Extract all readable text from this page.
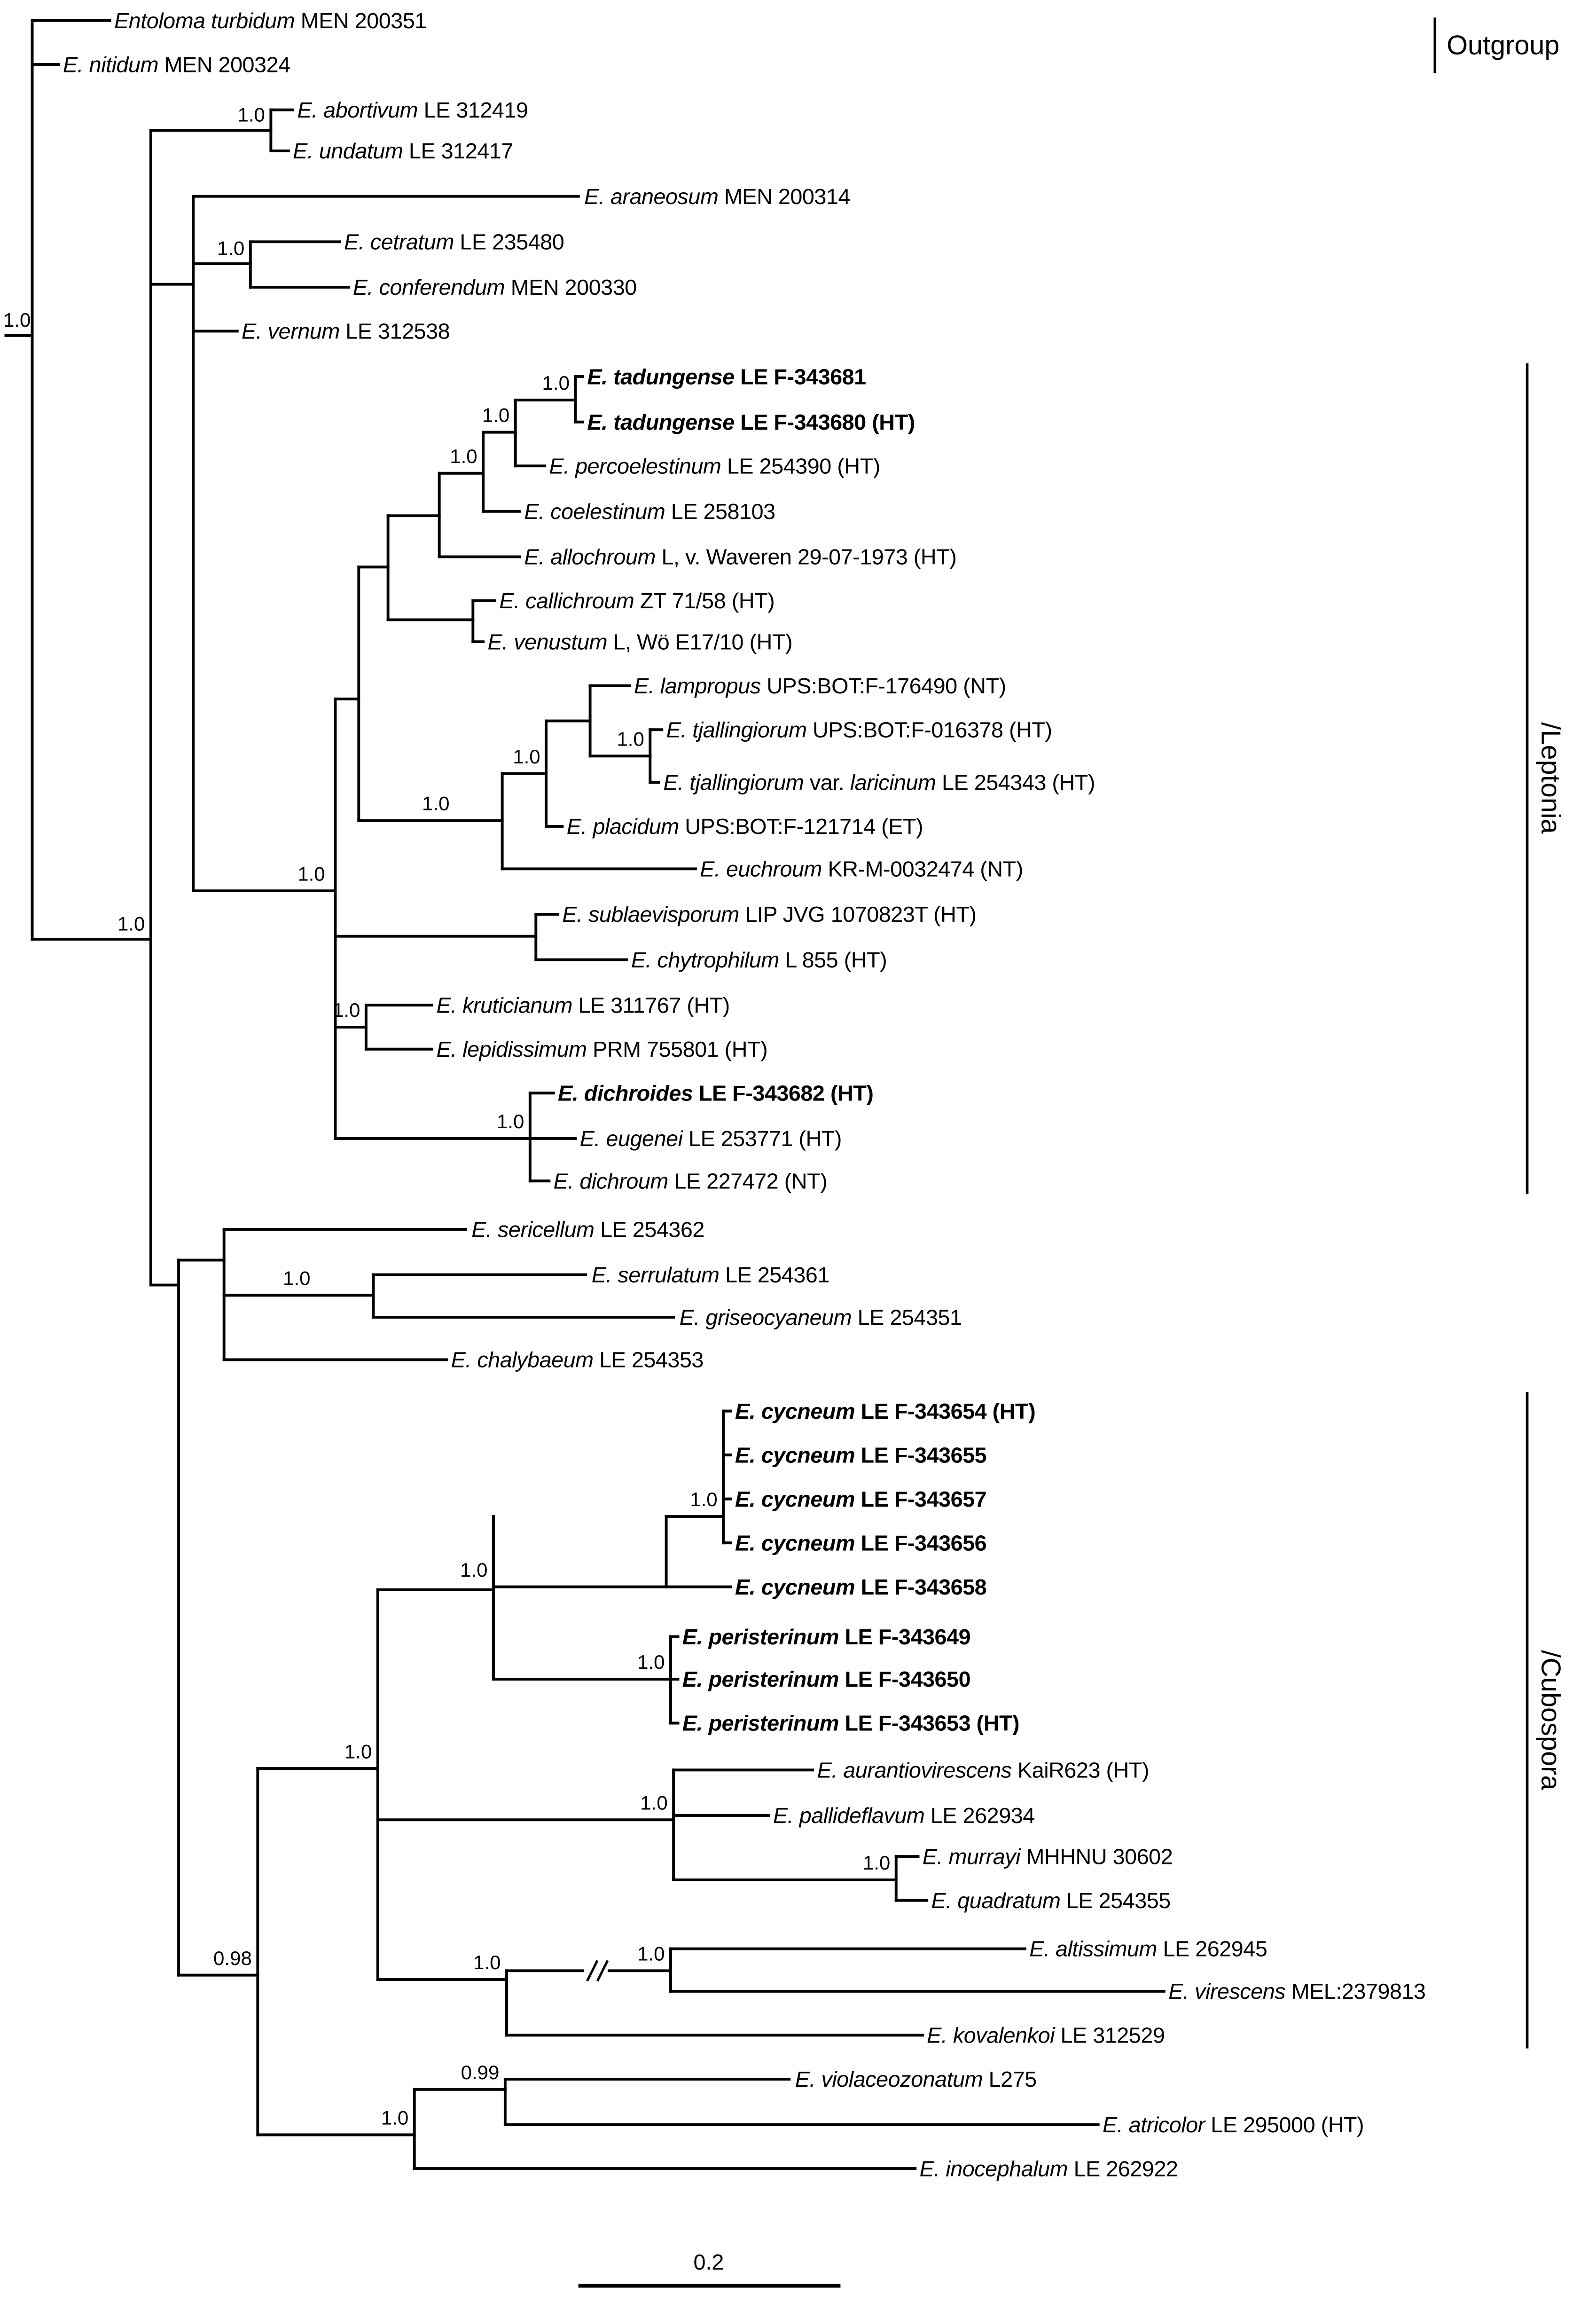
Entoloma turbidum MEN 200351
E. nitidum MEN 200324
E. abortivum LE 312419
E. undatum LE 312417
E. araneosum MEN 200314
E. cetratum LE 235480
E. conferendum MEN 200330
E. vernum LE 312538
E. tadungense LE F-343681
E. tadungense LE F-343680 (HT)
E. percoelestinum LE 254390 (HT)
E. coelestinum LE 258103
E. allochroum L, v. Waveren 29-07-1973 (HT)
E. callichroum ZT 71/58 (HT)
E. venustum L, Wö E17/10 (HT)
E. lampropus UPS:BOT:F-176490 (NT)
E. tjallingiorum UPS:BOT:F-016378 (HT)
E. tjallingiorum var. laricinum LE 254343 (HT)
E. placidum UPS:BOT:F-121714 (ET)
E. euchroum KR-M-0032474 (NT)
E. sublaevisporum LIP JVG 1070823T (HT)
E. chytrophilum L 855 (HT)
E. kruticianum LE 311767 (HT)
E. lepidissimum PRM 755801 (HT)
E. dichroides LE F-343682 (HT)
E. eugenei LE 253771 (HT)
E. dichroum LE 227472 (NT)
E. sericellum LE 254362
E. serrulatum LE 254361
E. griseocyaneum LE 254351
E. chalybaeum LE 254353
E. cycneum LE F-343654 (HT)
E. cycneum LE F-343655
E. cycneum LE F-343657
E. cycneum LE F-343656
E. cycneum LE F-343658
E. peristerinum LE F-343649
E. peristerinum LE F-343650
E. peristerinum LE F-343653 (HT)
E. aurantiovirescens KaiR623 (HT)
E. pallideflavum LE 262934
E. murrayi MHHNU 30602
E. quadratum LE 254355
E. altissimum LE 262945
E. virescens MEL:2379813
E. kovalenkoi LE 312529
E. violaceozonatum L275
E. atricolor LE 295000 (HT)
E. inocephalum LE 262922
1.0
1.0
1.0
1.0
1.0
1.0
1.0
1.0
1.0
1.0
1.0
1.0
1.0
1.0
0.98
1.0
1.0
1.0
1.0
1.0
1.0
1.0	1.0
0.99
1.0
Outgroup
/Leptonia
/Cubospora
0.2
